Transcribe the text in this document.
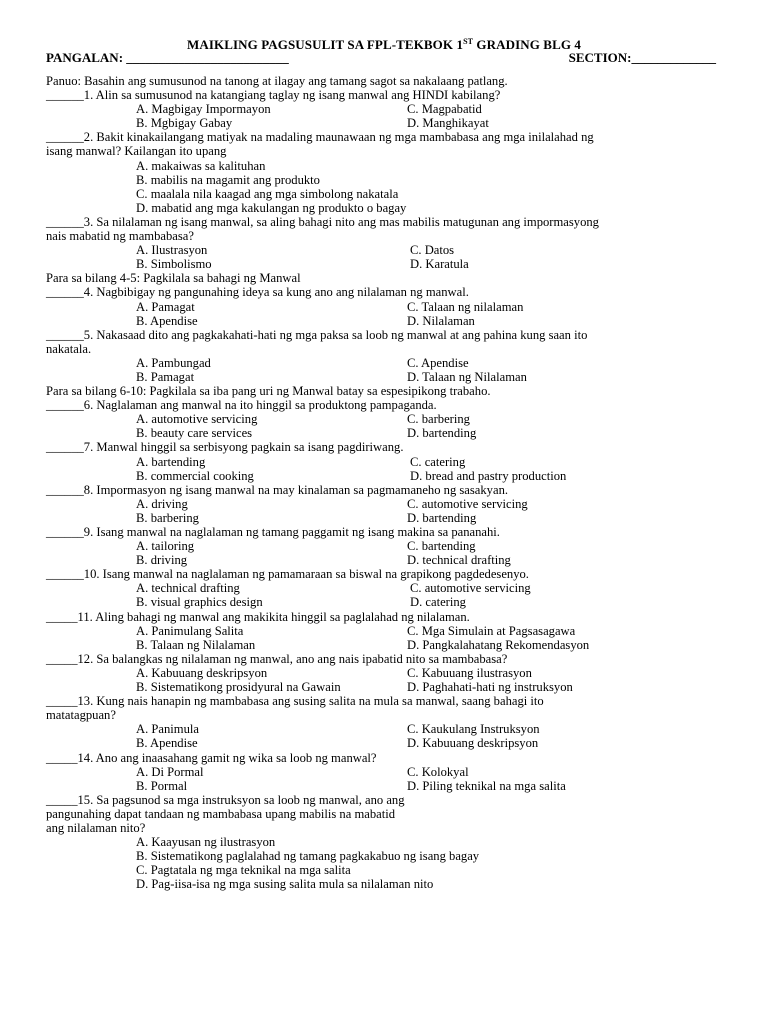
MAIKLING PAGSUSULIT SA FPL-TEKBOK 1ST GRADING BLG 4
PANGALAN: _________________________	SECTION:_____________
Panuo: Basahin ang sumusunod na tanong at ilagay ang tamang sagot sa nakalaang patlang.
______1. Alin sa sumusunod na katangiang taglay ng isang manwal ang HINDI kabilang?
A. Magbigay Impormayon	C. Magpabatid
B. Mgbigay Gabay	D. Manghikayat
______2. Bakit kinakailangang matiyak na madaling maunawaan ng mga mambabasa ang mga inilalahad ng
isang manwal? Kailangan ito upang
A. makaiwas sa kalituhan
B. mabilis na magamit ang produkto
C. maalala nila kaagad ang mga simbolong nakatala
D. mabatid ang mga kakulangan ng produkto o bagay
______3. Sa nilalaman ng isang manwal, sa aling bahagi nito ang mas mabilis matugunan ang impormasyong
nais mabatid ng mambabasa?
A. Ilustrasyon	C. Datos
B. Simbolismo	D. Karatula
Para sa bilang 4-5: Pagkilala sa bahagi ng Manwal
______4. Nagbibigay ng pangunahing ideya sa kung ano ang nilalaman ng manwal.
A. Pamagat	C. Talaan ng nilalaman
B. Apendise	D. Nilalaman
______5. Nakasaad dito ang pagkakahati-hati ng mga paksa sa loob ng manwal at ang pahina kung saan ito
nakatala.
A. Pambungad	C. Apendise
B. Pamagat	D. Talaan ng Nilalaman
Para sa bilang 6-10: Pagkilala sa iba pang uri ng Manwal batay sa espesipikong trabaho.
______6. Naglalaman ang manwal na ito hinggil sa produktong pampaganda.
A. automotive servicing	C. barbering
B. beauty care services	D. bartending
______7. Manwal hinggil sa serbisyong pagkain sa isang pagdiriwang.
A. bartending	C. catering
B. commercial cooking	D. bread and pastry production
______8. Impormasyon ng isang manwal na may kinalaman sa pagmamaneho ng sasakyan.
A. driving	C. automotive servicing
B. barbering	D. bartending
______9. Isang manwal na naglalaman ng tamang paggamit ng isang makina sa pananahi.
A. tailoring	C. bartending
B. driving	D. technical drafting
______10. Isang manwal na naglalaman ng pamamaraan sa biswal na grapikong pagdedesenyo.
A. technical drafting	C. automotive servicing
B. visual graphics design	D. catering
_____11. Aling bahagi ng manwal ang makikita hinggil sa paglalahad ng nilalaman.
A. Panimulang Salita	C. Mga Simulain at Pagsasagawa
B. Talaan ng Nilalaman	D. Pangkalahatang Rekomendasyon
_____12. Sa balangkas ng nilalaman ng manwal, ano ang nais ipabatid nito sa mambabasa?
A. Kabuuang deskripsyon	C. Kabuuang ilustrasyon
B. Sistematikong prosidyural na Gawain	D. Paghahati-hati ng instruksyon
_____13. Kung nais hanapin ng mambabasa ang susing salita na mula sa manwal, saang bahagi ito
matatagpuan?
A. Panimula	C. Kaukulang Instruksyon
B. Apendise	D. Kabuuang deskripsyon
_____14. Ano ang inaasahang gamit ng wika sa loob ng manwal?
A. Di Pormal	C. Kolokyal
B. Pormal	D. Piling teknikal na mga salita
_____15. Sa pagsunod sa mga instruksyon sa loob ng manwal, ano ang
pangunahing dapat tandaan ng mambabasa upang mabilis na mabatid
ang nilalaman nito?
A. Kaayusan ng ilustrasyon
B. Sistematikong paglalahad ng tamang pagkakabuo ng isang bagay
C. Pagtatala ng mga teknikal na mga salita
D. Pag-iisa-isa ng mga susing salita mula sa nilalaman nito
